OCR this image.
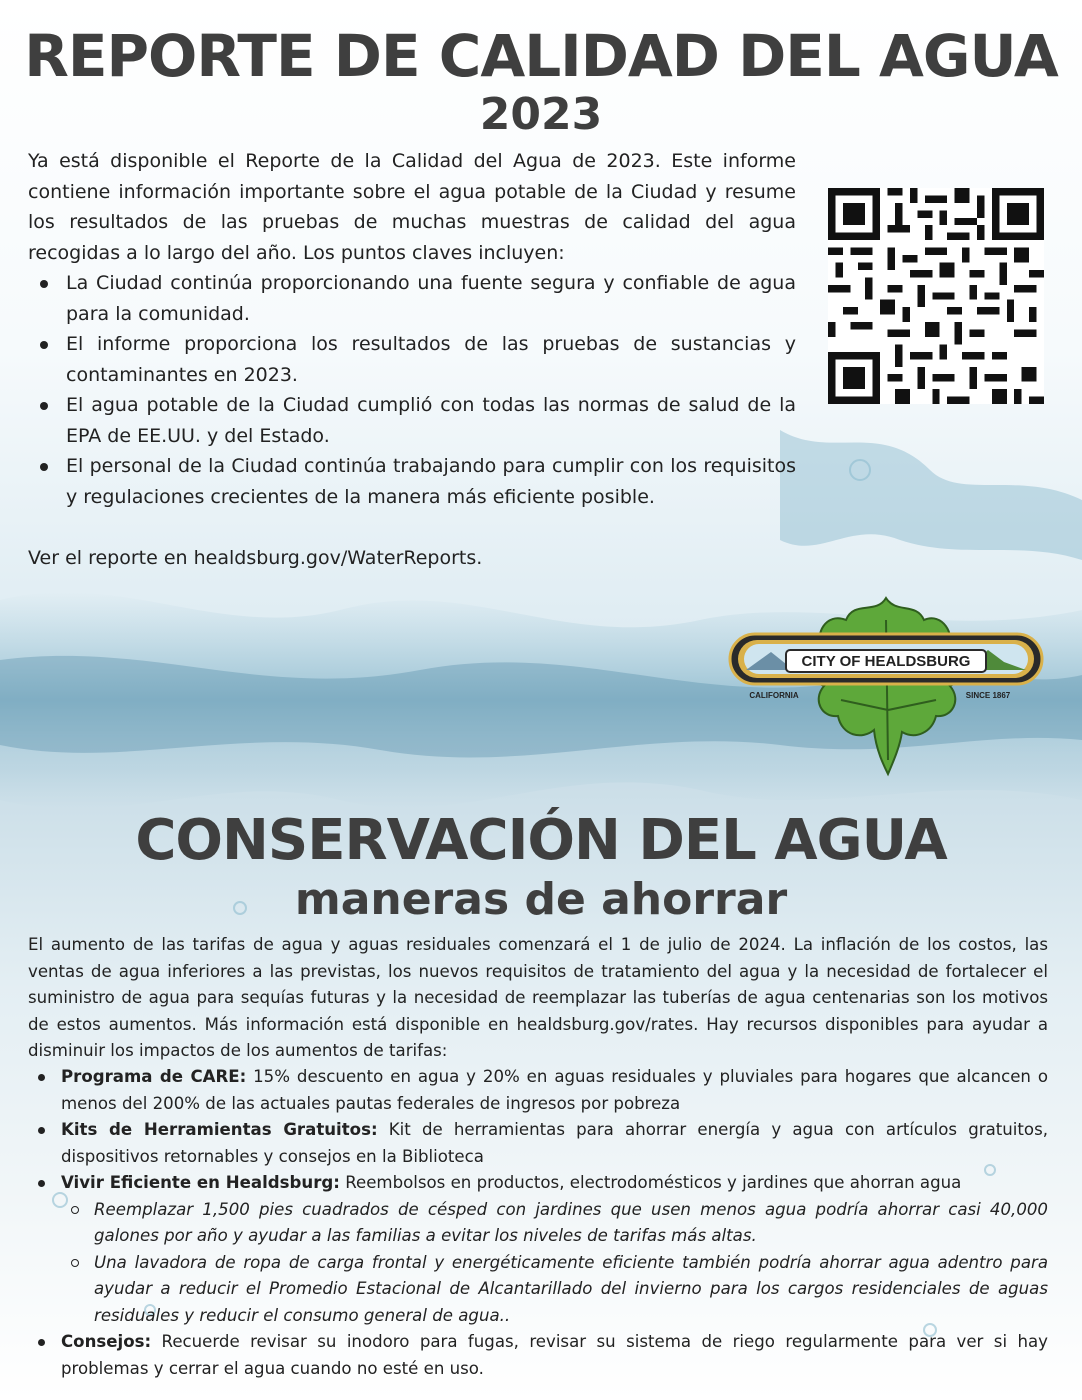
REPORTE DE CALIDAD DEL AGUA
2023

Ya está disponible el Reporte de la Calidad del Agua de 2023. Este informe contiene información importante sobre el agua potable de la Ciudad y resume los resultados de las pruebas de muchas muestras de calidad del agua recogidas a lo largo del año. Los puntos claves incluyen:

La Ciudad continúa proporcionando una fuente segura y confiable de agua para la comunidad.
El informe proporciona los resultados de las pruebas de sustancias y contaminantes en 2023.
El agua potable de la Ciudad cumplió con todas las normas de salud de la EPA de EE.UU. y del Estado.
El personal de la Ciudad continúa trabajando para cumplir con los requisitos y regulaciones crecientes de la manera más eficiente posible.

Ver el reporte en healdsburg.gov/WaterReports.

CITY OF HEALDSBURG
CALIFORNIA	SINCE 1867
CONSERVACIÓN DEL AGUA
maneras de ahorrar

El aumento de las tarifas de agua y aguas residuales comenzará el 1 de julio de 2024. La inflación de los costos, las ventas de agua inferiores a las previstas, los nuevos requisitos de tratamiento del agua y la necesidad de fortalecer el suministro de agua para sequías futuras y la necesidad de reemplazar las tuberías de agua centenarias son los motivos de estos aumentos. Más información está disponible en healdsburg.gov/rates. Hay recursos disponibles para ayudar a disminuir los impactos de los aumentos de tarifas:

Programa de CARE: 15% descuento en agua y 20% en aguas residuales y pluviales para hogares que alcancen o menos del 200% de las actuales pautas federales de ingresos por pobreza
Kits de Herramientas Gratuitos: Kit de herramientas para ahorrar energía y agua con artículos gratuitos, dispositivos retornables y consejos en la Biblioteca
Vivir Eficiente en Healdsburg: Reembolsos en productos, electrodomésticos y jardines que ahorran agua
Reemplazar 1,500 pies cuadrados de césped con jardines que usen menos agua podría ahorrar casi 40,000 galones por año y ayudar a las familias a evitar los niveles de tarifas más altas.
Una lavadora de ropa de carga frontal y energéticamente eficiente también podría ahorrar agua adentro para ayudar a reducir el Promedio Estacional de Alcantarillado del invierno para los cargos residenciales de aguas residuales y reducir el consumo general de agua..
Consejos: Recuerde revisar su inodoro para fugas, revisar su sistema de riego regularmente para ver si hay problemas y cerrar el agua cuando no esté en uso.
